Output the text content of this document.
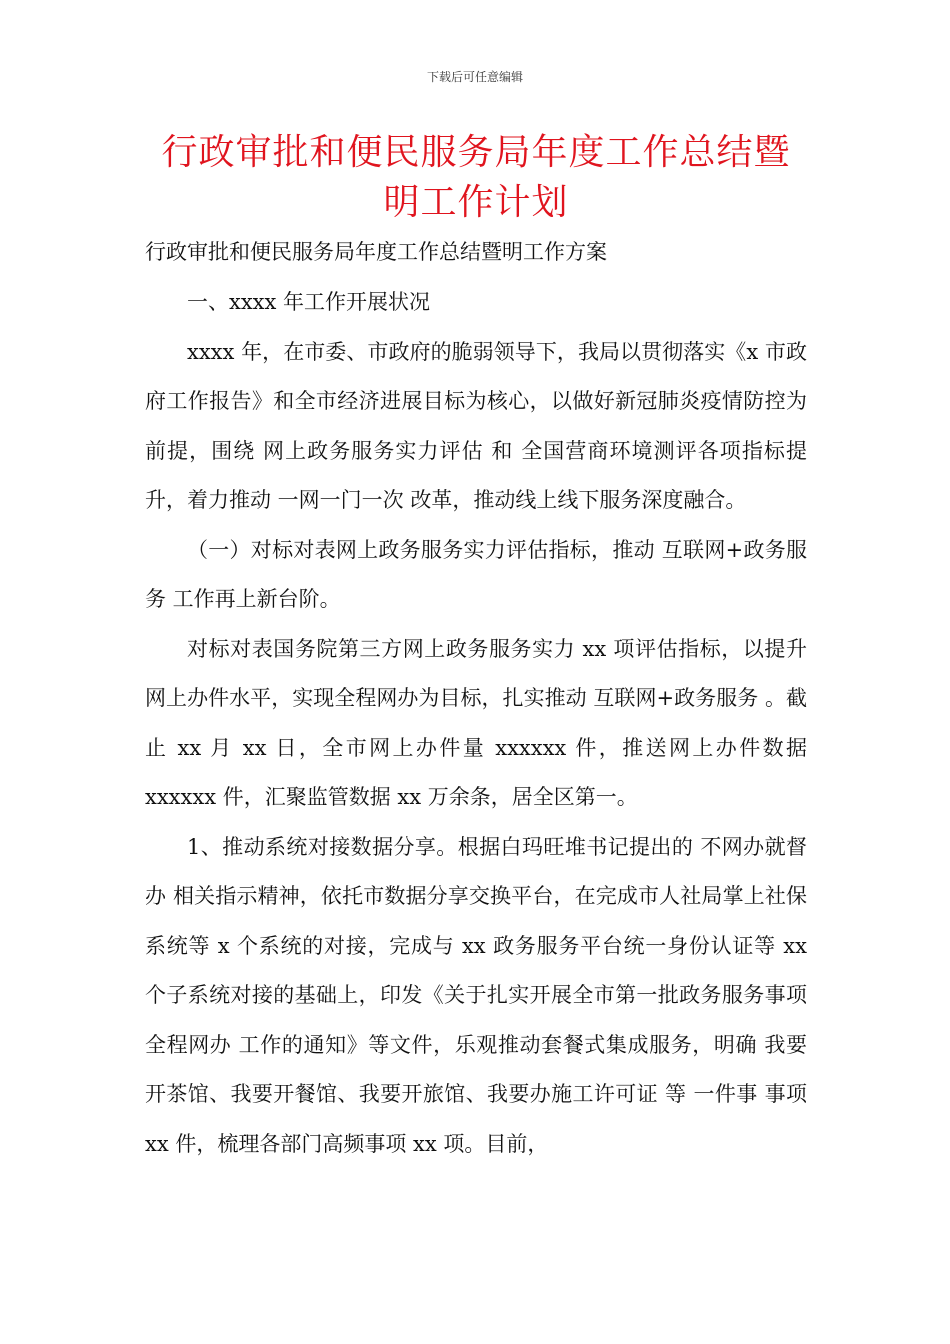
下载后可任意编辑
行政审批和便民服务局年度工作总结暨明工作计划
行政审批和便民服务局年度工作总结暨明工作方案

一、xxxx 年工作开展状况

xxxx 年，在市委、市政府的脆弱领导下，我局以贯彻落实《x 市政府工作报告》和全市经济进展目标为核心，以做好新冠肺炎疫情防控为前提，围绕 网上政务服务实力评估 和 全国营商环境测评各项指标提升，着力推动 一网一门一次 改革，推动线上线下服务深度融合。

（一）对标对表网上政务服务实力评估指标，推动 互联网+政务服务 工作再上新台阶。

对标对表国务院第三方网上政务服务实力 xx 项评估指标，以提升网上办件水平，实现全程网办为目标，扎实推动 互联网+政务服务 。截止 xx 月 xx 日，全市网上办件量 xxxxxx 件，推送网上办件数据 xxxxxx 件，汇聚监管数据 xx 万余条，居全区第一。

1、推动系统对接数据分享。根据白玛旺堆书记提出的 不网办就督办 相关指示精神，依托市数据分享交换平台，在完成市人社局掌上社保系统等 x 个系统的对接，完成与 xx 政务服务平台统一身份认证等 xx 个子系统对接的基础上，印发《关于扎实开展全市第一批政务服务事项 全程网办 工作的通知》等文件，乐观推动套餐式集成服务，明确 我要开茶馆、我要开餐馆、我要开旅馆、我要办施工许可证 等 一件事 事项 xx 件，梳理各部门高频事项 xx 项。目前，
